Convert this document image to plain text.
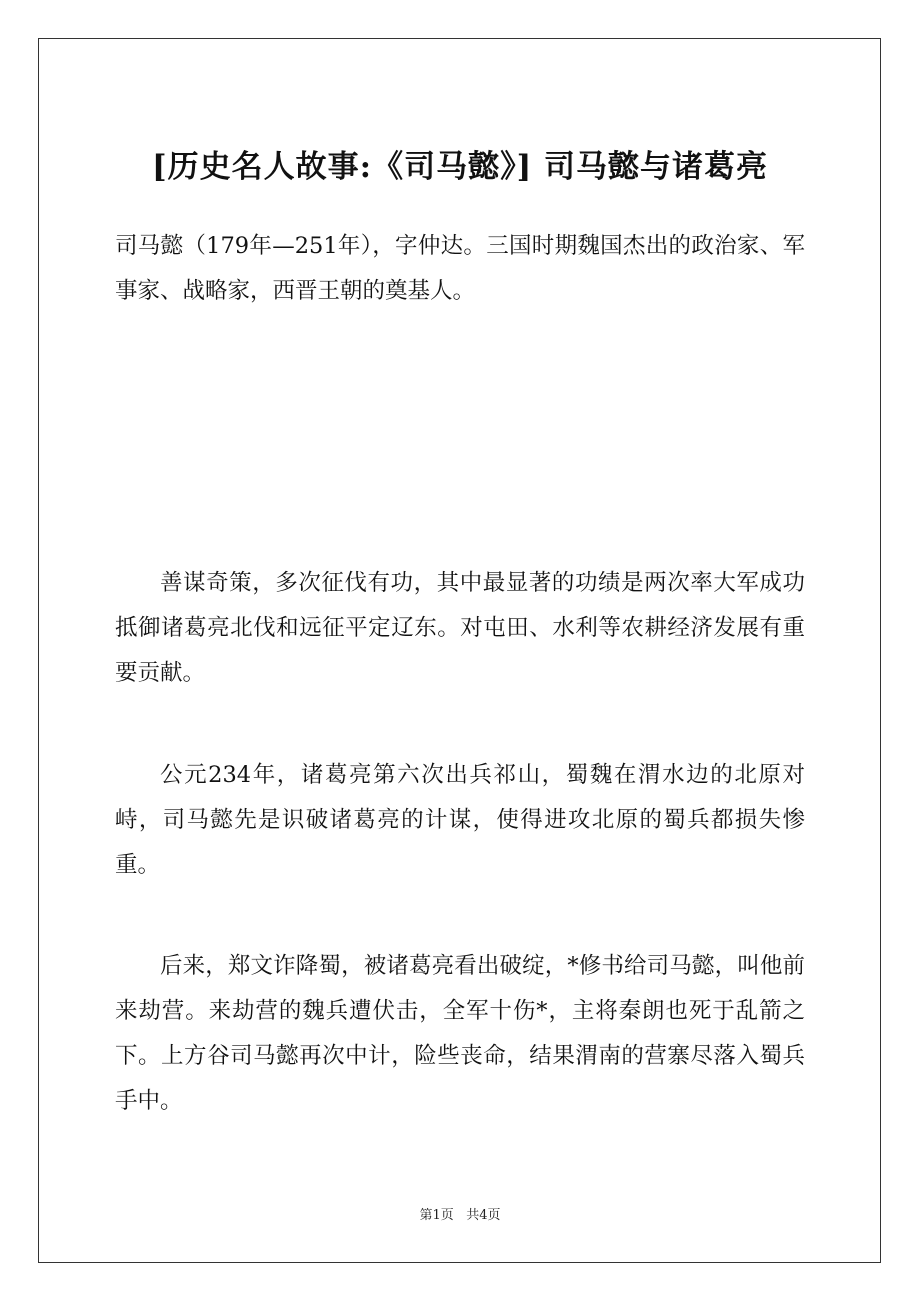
[历史名人故事:《司马懿》] 司马懿与诸葛亮

司马懿（179年—251年），字仲达。三国时期魏国杰出的政治家、军事家、战略家，西晋王朝的奠基人。

善谋奇策，多次征伐有功，其中最显著的功绩是两次率大军成功抵御诸葛亮北伐和远征平定辽东。对屯田、水利等农耕经济发展有重要贡献。

公元234年，诸葛亮第六次出兵祁山，蜀魏在渭水边的北原对峙，司马懿先是识破诸葛亮的计谋，使得进攻北原的蜀兵都损失惨重。

后来，郑文诈降蜀，被诸葛亮看出破绽，*修书给司马懿，叫他前来劫营。来劫营的魏兵遭伏击，全军十伤*，主将秦朗也死于乱箭之下。上方谷司马懿再次中计，险些丧命，结果渭南的营寨尽落入蜀兵手中。

第1页 共4页
